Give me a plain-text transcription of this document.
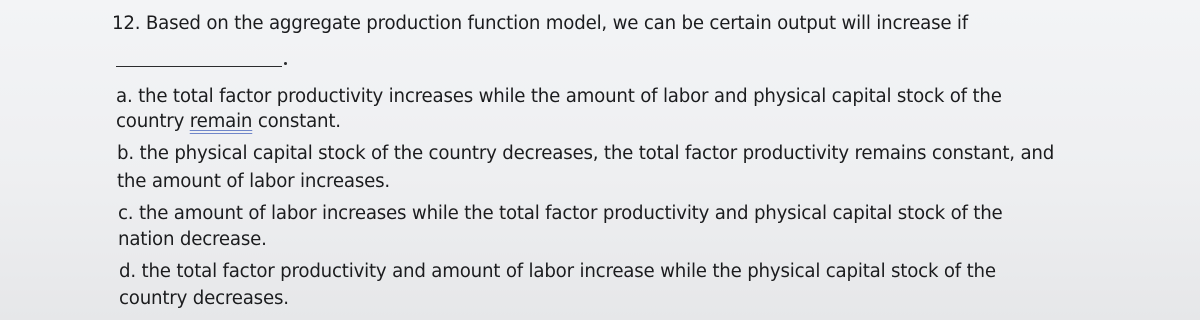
12. Based on the aggregate production function model, we can be certain output will increase if
a. the total factor productivity increases while the amount of labor and physical capital stock of the
country remain constant.
b. the physical capital stock of the country decreases, the total factor productivity remains constant, and
the amount of labor increases.
c. the amount of labor increases while the total factor productivity and physical capital stock of the
nation decrease.
d. the total factor productivity and amount of labor increase while the physical capital stock of the
country decreases.
